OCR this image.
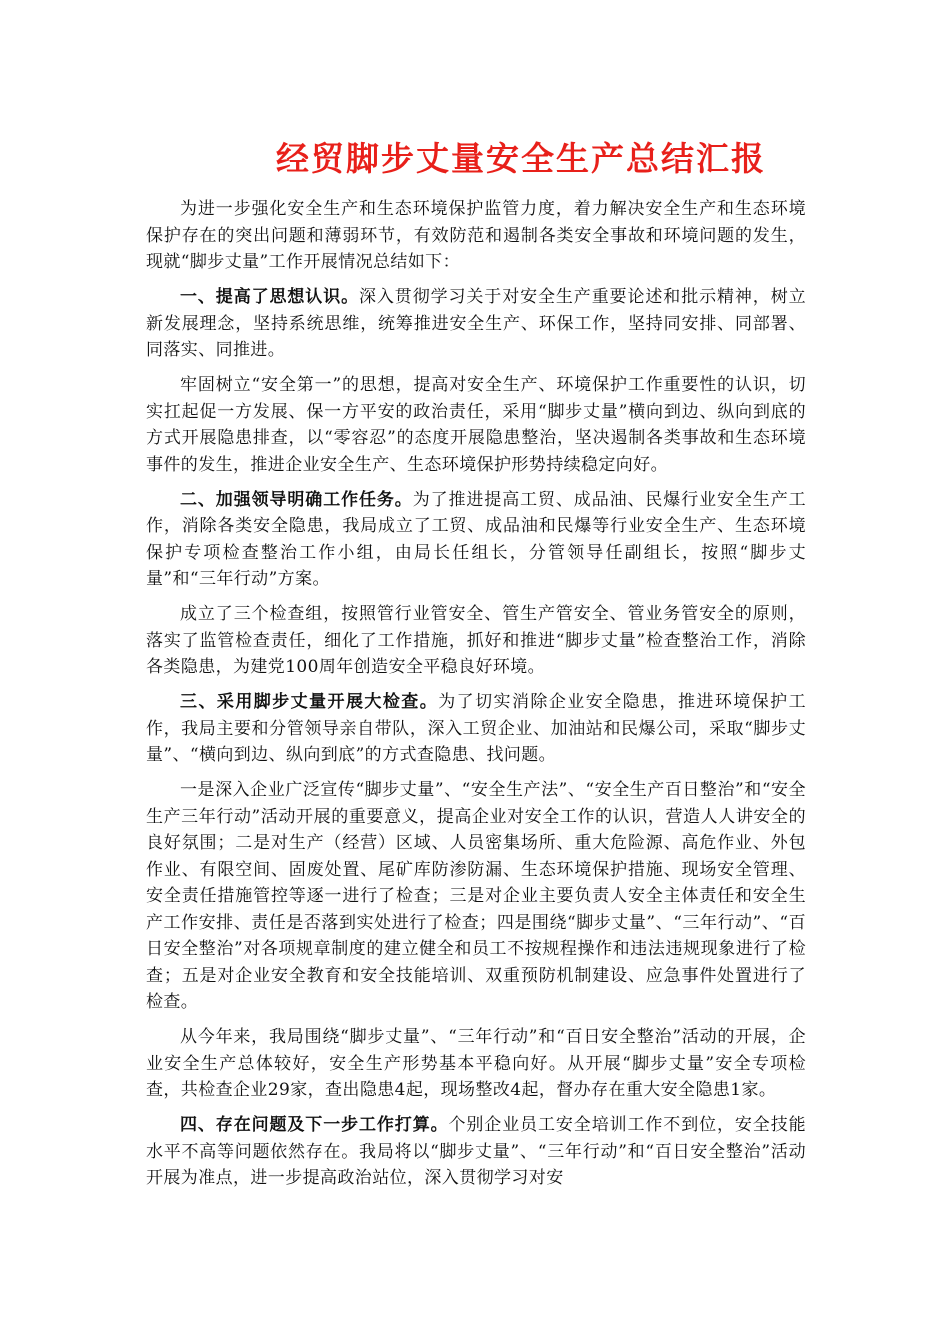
经贸脚步丈量安全生产总结汇报

为进一步强化安全生产和生态环境保护监管力度，着力解决安全生产和生态环境保护存在的突出问题和薄弱环节，有效防范和遏制各类安全事故和环境问题的发生，现就“脚步丈量”工作开展情况总结如下：

一、提高了思想认识。深入贯彻学习关于对安全生产重要论述和批示精神，树立新发展理念，坚持系统思维，统筹推进安全生产、环保工作，坚持同安排、同部署、同落实、同推进。

牢固树立“安全第一”的思想，提高对安全生产、环境保护工作重要性的认识，切实扛起促一方发展、保一方平安的政治责任，采用“脚步丈量”横向到边、纵向到底的方式开展隐患排查，以“零容忍”的态度开展隐患整治，坚决遏制各类事故和生态环境事件的发生，推进企业安全生产、生态环境保护形势持续稳定向好。

二、加强领导明确工作任务。为了推进提高工贸、成品油、民爆行业安全生产工作，消除各类安全隐患，我局成立了工贸、成品油和民爆等行业安全生产、生态环境保护专项检查整治工作小组，由局长任组长，分管领导任副组长，按照“脚步丈量”和“三年行动”方案。

成立了三个检查组，按照管行业管安全、管生产管安全、管业务管安全的原则，落实了监管检查责任，细化了工作措施，抓好和推进“脚步丈量”检查整治工作，消除各类隐患，为建党100周年创造安全平稳良好环境。

三、采用脚步丈量开展大检查。为了切实消除企业安全隐患，推进环境保护工作，我局主要和分管领导亲自带队，深入工贸企业、加油站和民爆公司，采取“脚步丈量”、“横向到边、纵向到底”的方式查隐患、找问题。

一是深入企业广泛宣传“脚步丈量”、“安全生产法”、“安全生产百日整治”和“安全生产三年行动”活动开展的重要意义，提高企业对安全工作的认识，营造人人讲安全的良好氛围；二是对生产（经营）区域、人员密集场所、重大危险源、高危作业、外包作业、有限空间、固废处置、尾矿库防渗防漏、生态环境保护措施、现场安全管理、安全责任措施管控等逐一进行了检查；三是对企业主要负责人安全主体责任和安全生产工作安排、责任是否落到实处进行了检查；四是围绕“脚步丈量”、“三年行动”、“百日安全整治”对各项规章制度的建立健全和员工不按规程操作和违法违规现象进行了检查；五是对企业安全教育和安全技能培训、双重预防机制建设、应急事件处置进行了检查。

从今年来，我局围绕“脚步丈量”、“三年行动”和“百日安全整治”活动的开展，企业安全生产总体较好，安全生产形势基本平稳向好。从开展“脚步丈量”安全专项检查，共检查企业29家，查出隐患4起，现场整改4起，督办存在重大安全隐患1家。

四、存在问题及下一步工作打算。个别企业员工安全培训工作不到位，安全技能水平不高等问题依然存在。我局将以“脚步丈量”、“三年行动”和“百日安全整治”活动开展为准点，进一步提高政治站位，深入贯彻学习对安
